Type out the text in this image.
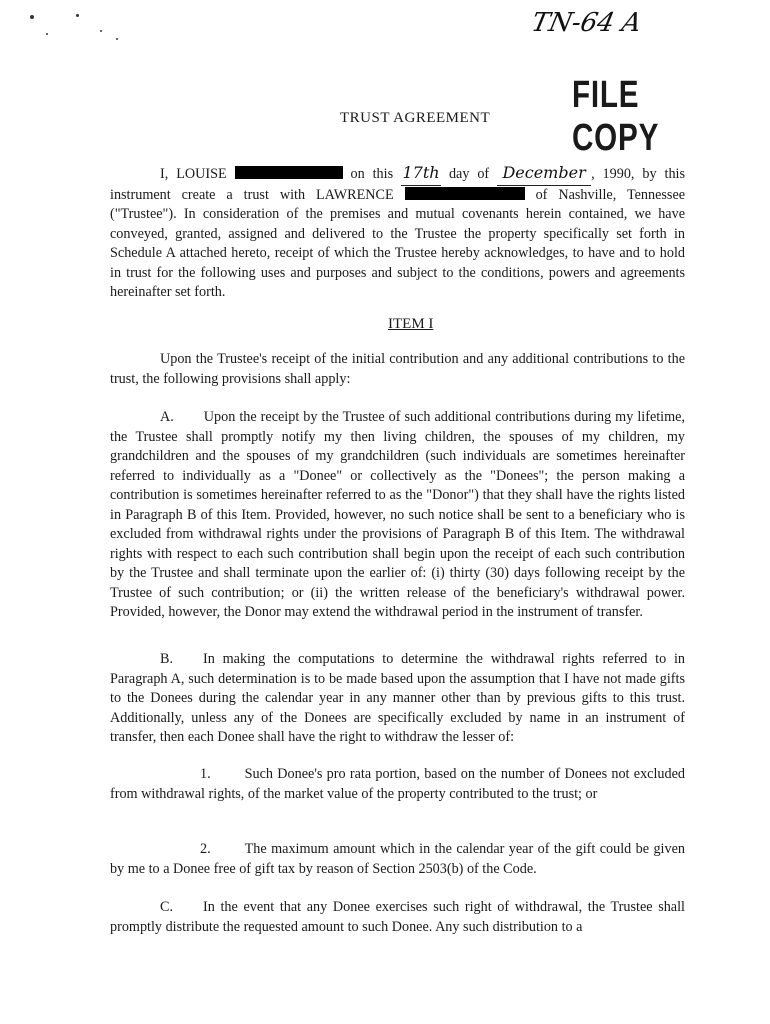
TN-64 A
FILE COPY
TRUST AGREEMENT

I, LOUISE	on this 17th day of December , 1990, by this instrument create a trust with LAWRENCE	of Nashville, Tennessee ("Trustee"). In consideration of the premises and mutual covenants herein contained, we have conveyed, granted, assigned and delivered to the Trustee the property specifically set forth in Schedule A attached hereto, receipt of which the Trustee hereby acknowledges, to have and to hold in trust for the following uses and purposes and subject to the conditions, powers and agreements hereinafter set forth.

ITEM I

Upon the Trustee's receipt of the initial contribution and any additional contributions to the trust, the following provisions shall apply:

A. Upon the receipt by the Trustee of such additional contributions during my lifetime, the Trustee shall promptly notify my then living children, the spouses of my children, my grandchildren and the spouses of my grandchildren (such individuals are sometimes hereinafter referred to individually as a "Donee" or collectively as the "Donees"; the person making a contribution is sometimes hereinafter referred to as the "Donor") that they shall have the rights listed in Paragraph B of this Item. Provided, however, no such notice shall be sent to a beneficiary who is excluded from withdrawal rights under the provisions of Paragraph B of this Item. The withdrawal rights with respect to each such contribution shall begin upon the receipt of each such contribution by the Trustee and shall terminate upon the earlier of: (i) thirty (30) days following receipt by the Trustee of such contribution; or (ii) the written release of the beneficiary's withdrawal power. Provided, however, the Donor may extend the withdrawal period in the instrument of transfer.

B. In making the computations to determine the withdrawal rights referred to in Paragraph A, such determination is to be made based upon the assumption that I have not made gifts to the Donees during the calendar year in any manner other than by previous gifts to this trust. Additionally, unless any of the Donees are specifically excluded by name in an instrument of transfer, then each Donee shall have the right to withdraw the lesser of:

1. Such Donee's pro rata portion, based on the number of Donees not excluded from withdrawal rights, of the market value of the property contributed to the trust; or

2. The maximum amount which in the calendar year of the gift could be given by me to a Donee free of gift tax by reason of Section 2503(b) of the Code.

C. In the event that any Donee exercises such right of withdrawal, the Trustee shall promptly distribute the requested amount to such Donee. Any such distribution to a
